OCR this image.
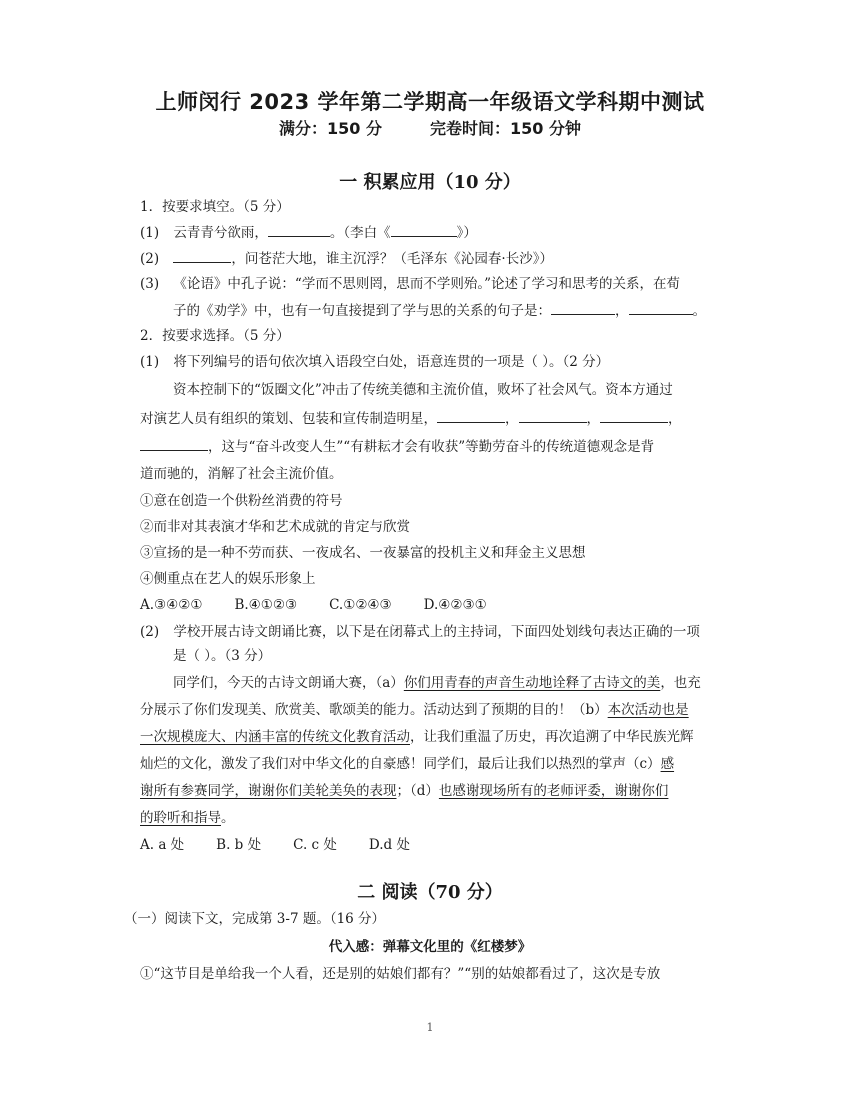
上师闵行 2023 学年第二学期高一年级语文学科期中测试
满分：150 分	完卷时间：150 分钟
一 积累应用（10 分）
1．按要求填空。（5 分）
(1) 云青青兮欲雨，	。（李白《	》）
(2)	，问苍茫大地，谁主沉浮？（毛泽东《沁园春·长沙》）
(3) 《论语》中孔子说：“学而不思则罔，思而不学则殆。”论述了学习和思考的关系，在荀
子的《劝学》中，也有一句直接提到了学与思的关系的句子是：	，	。
2．按要求选择。（5 分）
(1) 将下列编号的语句依次填入语段空白处，语意连贯的一项是（ ）。（2 分）
资本控制下的“饭圈文化”冲击了传统美德和主流价值，败坏了社会风气。资本方通过
对演艺人员有组织的策划、包装和宣传制造明星，	，	，	，
，这与“奋斗改变人生”“有耕耘才会有收获”等勤劳奋斗的传统道德观念是背
道而驰的，消解了社会主流价值。
①意在创造一个供粉丝消费的符号
②而非对其表演才华和艺术成就的肯定与欣赏
③宣扬的是一种不劳而获、一夜成名、一夜暴富的投机主义和拜金主义思想
④侧重点在艺人的娱乐形象上
A.③④②① B.④①②③ C.①②④③ D.④②③①
(2) 学校开展古诗文朗诵比赛，以下是在闭幕式上的主持词，下面四处划线句表达正确的一项
是（ ）。（3 分）
同学们，今天的古诗文朗诵大赛，（a）你们用青春的声音生动地诠释了古诗文的美，也充
分展示了你们发现美、欣赏美、歌颂美的能力。活动达到了预期的目的！（b）本次活动也是
一次规模庞大、内涵丰富的传统文化教育活动，让我们重温了历史，再次追溯了中华民族光辉
灿烂的文化，激发了我们对中华文化的自豪感！同学们，最后让我们以热烈的掌声（c）感
谢所有参赛同学，谢谢你们美轮美奂的表现；（d）也感谢现场所有的老师评委，谢谢你们
的聆听和指导。
A. a 处 B. b 处 C. c 处 D.d 处
二 阅读（70 分）
（一）阅读下文，完成第 3-7 题。（16 分）
代入感：弹幕文化里的《红楼梦》
①“这节目是单给我一个人看，还是别的姑娘们都有？”“别的姑娘都看过了，这次是专放
1
